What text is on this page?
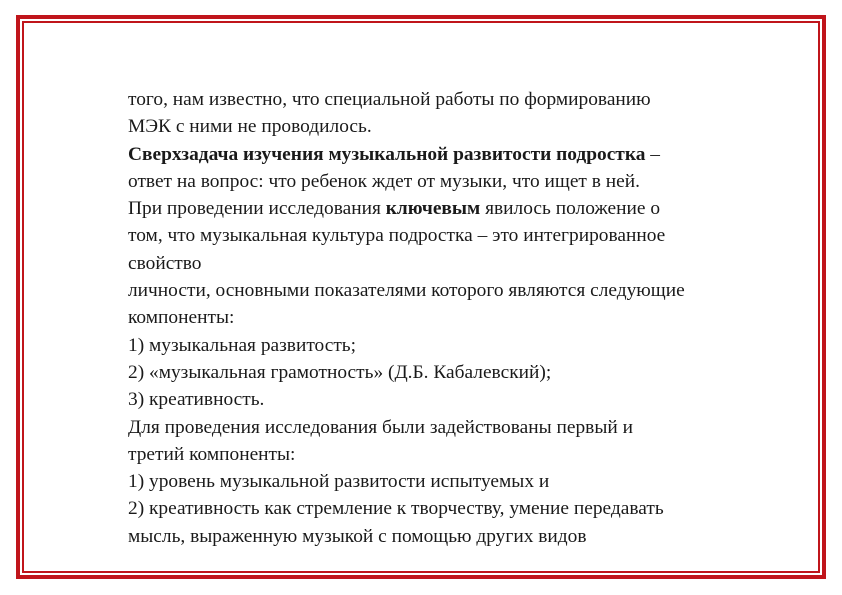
того, нам известно, что специальной работы по формированию
МЭК с ними не проводилось.
Сверхзадача изучения музыкальной развитости подростка –
ответ на вопрос: что ребенок ждет от музыки, что ищет в ней.
При проведении исследования ключевым явилось положение о
том, что музыкальная культура подростка – это интегрированное
свойство
личности, основными показателями которого являются следующие
компоненты:
1) музыкальная развитость;
2) «музыкальная грамотность» (Д.Б. Кабалевский);
3) креативность.
Для проведения исследования были задействованы первый и
третий компоненты:
1) уровень музыкальной развитости испытуемых и
2) креативность как стремление к творчеству, умение передавать
мысль, выраженную музыкой с помощью других видов
